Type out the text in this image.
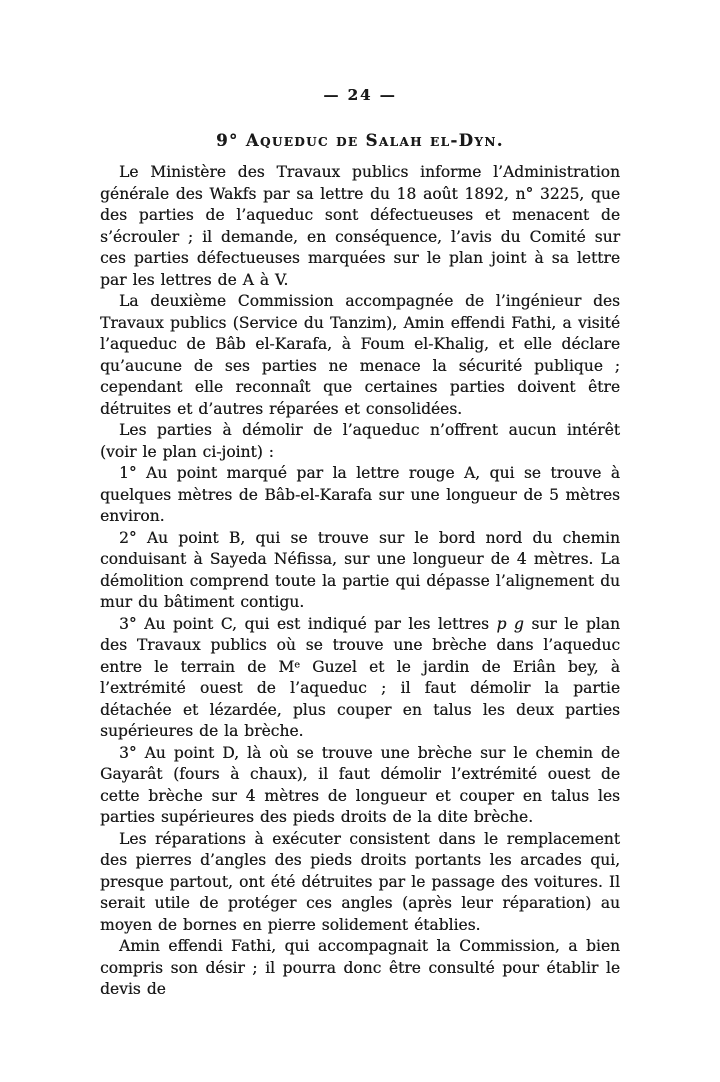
— 24 —
9° Aqueduc de Salah el-Dyn.

Le Ministère des Travaux publics informe l’Administration générale des Wakfs par sa lettre du 18 août 1892, n° 3225, que des parties de l’aqueduc sont défectueuses et menacent de s’écrouler ; il demande, en conséquence, l’avis du Comité sur ces parties défectueuses marquées sur le plan joint à sa lettre par les lettres de A à V.

La deuxième Commission accompagnée de l’ingénieur des Travaux publics (Service du Tanzim), Amin effendi Fathi, a visité l’aqueduc de Bâb el-Karafa, à Foum el-Khalig, et elle déclare qu’aucune de ses parties ne menace la sécurité publique ; cependant elle reconnaît que certaines parties doivent être détruites et d’autres réparées et consolidées.

Les parties à démolir de l’aqueduc n’offrent aucun intérêt (voir le plan ci-joint) :

1° Au point marqué par la lettre rouge A, qui se trouve à quelques mètres de Bâb-el-Karafa sur une longueur de 5 mètres environ.

2° Au point B, qui se trouve sur le bord nord du chemin conduisant à Sayeda Néfissa, sur une longueur de 4 mètres. La démolition comprend toute la partie qui dépasse l’alignement du mur du bâtiment contigu.

3° Au point C, qui est indiqué par les lettres p g sur le plan des Travaux publics où se trouve une brèche dans l’aqueduc entre le terrain de Me Guzel et le jardin de Eriân bey, à l’extrémité ouest de l’aqueduc ; il faut démolir la partie détachée et lézardée, plus couper en talus les deux parties supérieures de la brèche.

3° Au point D, là où se trouve une brèche sur le chemin de Gayarât (fours à chaux), il faut démolir l’extrémité ouest de cette brèche sur 4 mètres de longueur et couper en talus les parties supérieures des pieds droits de la dite brèche.

Les réparations à exécuter consistent dans le remplacement des pierres d’angles des pieds droits portants les arcades qui, presque partout, ont été détruites par le passage des voitures. Il serait utile de protéger ces angles (après leur réparation) au moyen de bornes en pierre solidement établies.

Amin effendi Fathi, qui accompagnait la Commission, a bien compris son désir ; il pourra donc être consulté pour établir le devis de
